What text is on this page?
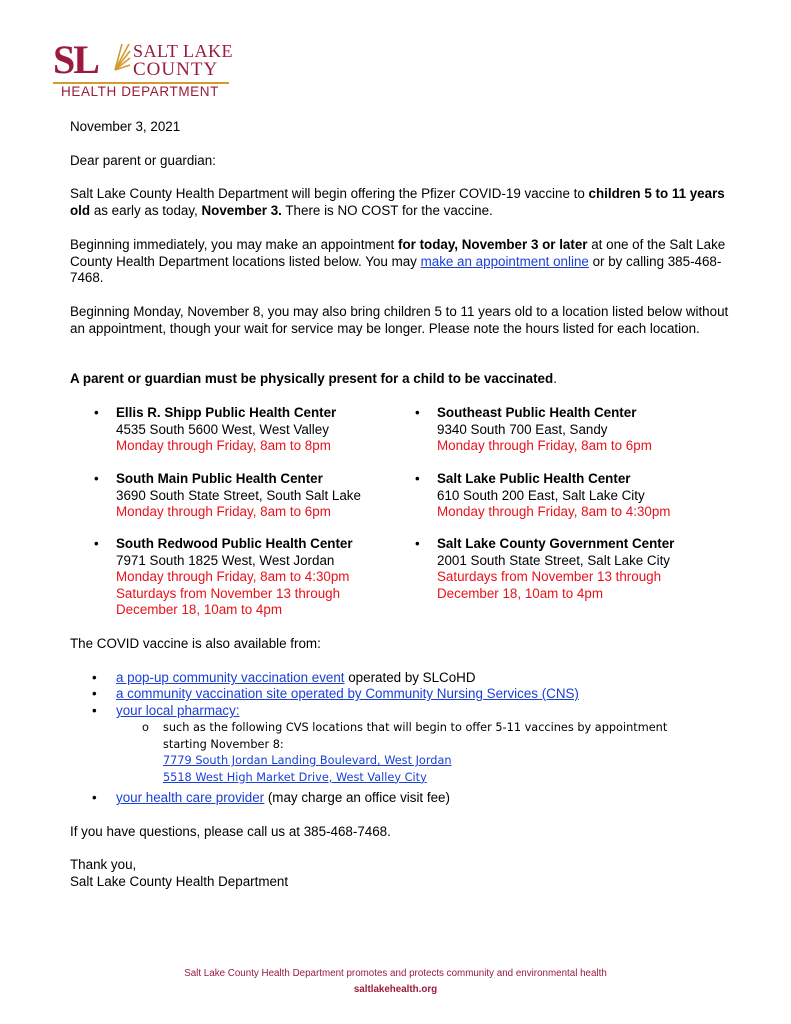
SL SALT LAKE
COUNTY
HEALTH DEPARTMENT

November 3, 2021

Dear parent or guardian:

Salt Lake County Health Department will begin offering the Pfizer COVID-19 vaccine to children 5 to 11 years old as early as today, November 3. There is NO COST for the vaccine.

Beginning immediately, you may make an appointment for today, November 3 or later at one of the Salt Lake County Health Department locations listed below. You may make an appointment online or by calling 385-468-7468.

Beginning Monday, November 8, you may also bring children 5 to 11 years old to a location listed below without an appointment, though your wait for service may be longer. Please note the hours listed for each location.

A parent or guardian must be physically present for a child to be vaccinated.

• Ellis R. Shipp Public Health Center
4535 South 5600 West, West Valley
Monday through Friday, 8am to 8pm
• Southeast Public Health Center
9340 South 700 East, Sandy
Monday through Friday, 8am to 6pm
• South Main Public Health Center
3690 South State Street, South Salt Lake
Monday through Friday, 8am to 6pm
• Salt Lake Public Health Center
610 South 200 East, Salt Lake City
Monday through Friday, 8am to 4:30pm
• South Redwood Public Health Center
7971 South 1825 West, West Jordan
Monday through Friday, 8am to 4:30pm
Saturdays from November 13 through
December 18, 10am to 4pm
• Salt Lake County Government Center
2001 South State Street, Salt Lake City
Saturdays from November 13 through
December 18, 10am to 4pm

The COVID vaccine is also available from:

• a pop-up community vaccination event operated by SLCoHD
• a community vaccination site operated by Community Nursing Services (CNS)
• your local pharmacy:
o such as the following CVS locations that will begin to offer 5-11 vaccines by appointment
starting November 8:
7779 South Jordan Landing Boulevard, West Jordan
5518 West High Market Drive, West Valley City
• your health care provider (may charge an office visit fee)

If you have questions, please call us at 385-468-7468.

Thank you,

Salt Lake County Health Department

Salt Lake County Health Department promotes and protects community and environmental health
saltlakehealth.org
